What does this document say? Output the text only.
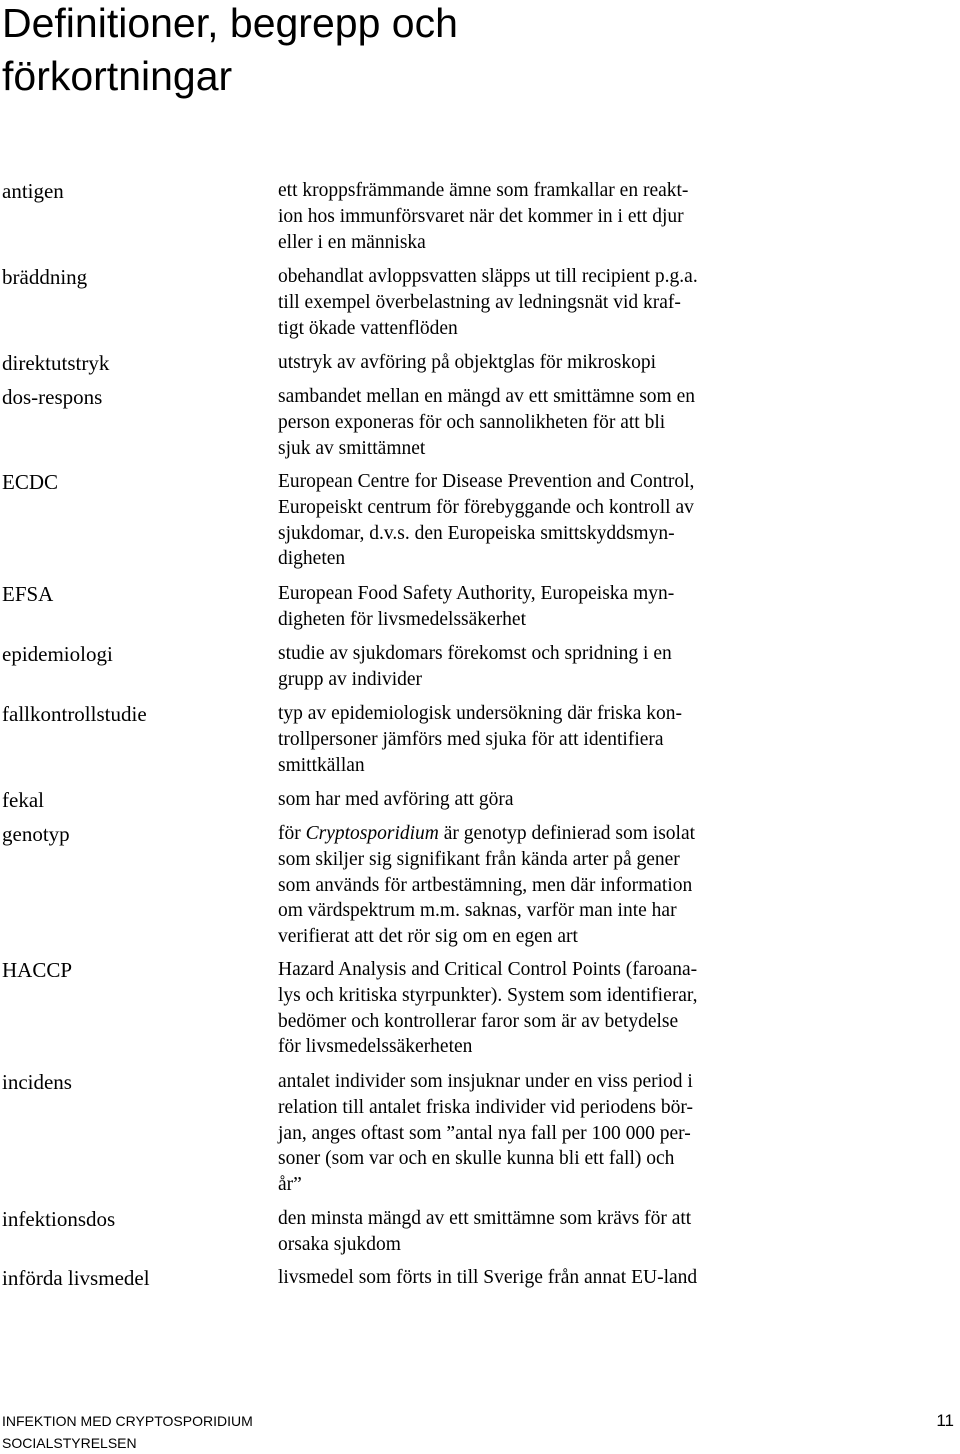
Definitioner, begrepp och
förkortningar
antigen	ett kroppsfrämmande ämne som framkallar en reakt-
ion hos immunförsvaret när det kommer in i ett djur
eller i en människa
bräddning	obehandlat avloppsvatten släpps ut till recipient p.g.a.
till exempel överbelastning av ledningsnät vid kraf-
tigt ökade vattenflöden
direktutstryk	utstryk av avföring på objektglas för mikroskopi
dos-respons	sambandet mellan en mängd av ett smittämne som en
person exponeras för och sannolikheten för att bli
sjuk av smittämnet
ECDC	European Centre for Disease Prevention and Control,
Europeiskt centrum för förebyggande och kontroll av
sjukdomar, d.v.s. den Europeiska smittskyddsmyn-
digheten
EFSA	European Food Safety Authority, Europeiska myn-
digheten för livsmedelssäkerhet
epidemiologi	studie av sjukdomars förekomst och spridning i en
grupp av individer
fallkontrollstudie	typ av epidemiologisk undersökning där friska kon-
trollpersoner jämförs med sjuka för att identifiera
smittkällan
fekal	som har med avföring att göra
genotyp	för Cryptosporidium är genotyp definierad som isolat
som skiljer sig signifikant från kända arter på gener
som används för artbestämning, men där information
om värdspektrum m.m. saknas, varför man inte har
verifierat att det rör sig om en egen art
HACCP	Hazard Analysis and Critical Control Points (faroana-
lys och kritiska styrpunkter). System som identifierar,
bedömer och kontrollerar faror som är av betydelse
för livsmedelssäkerheten
incidens	antalet individer som insjuknar under en viss period i
relation till antalet friska individer vid periodens bör-
jan, anges oftast som ”antal nya fall per 100 000 per-
soner (som var och en skulle kunna bli ett fall) och
år”
infektionsdos	den minsta mängd av ett smittämne som krävs för att
orsaka sjukdom
införda livsmedel	livsmedel som förts in till Sverige från annat EU-land
INFEKTION MED CRYPTOSPORIDIUM
SOCIALSTYRELSEN
11
